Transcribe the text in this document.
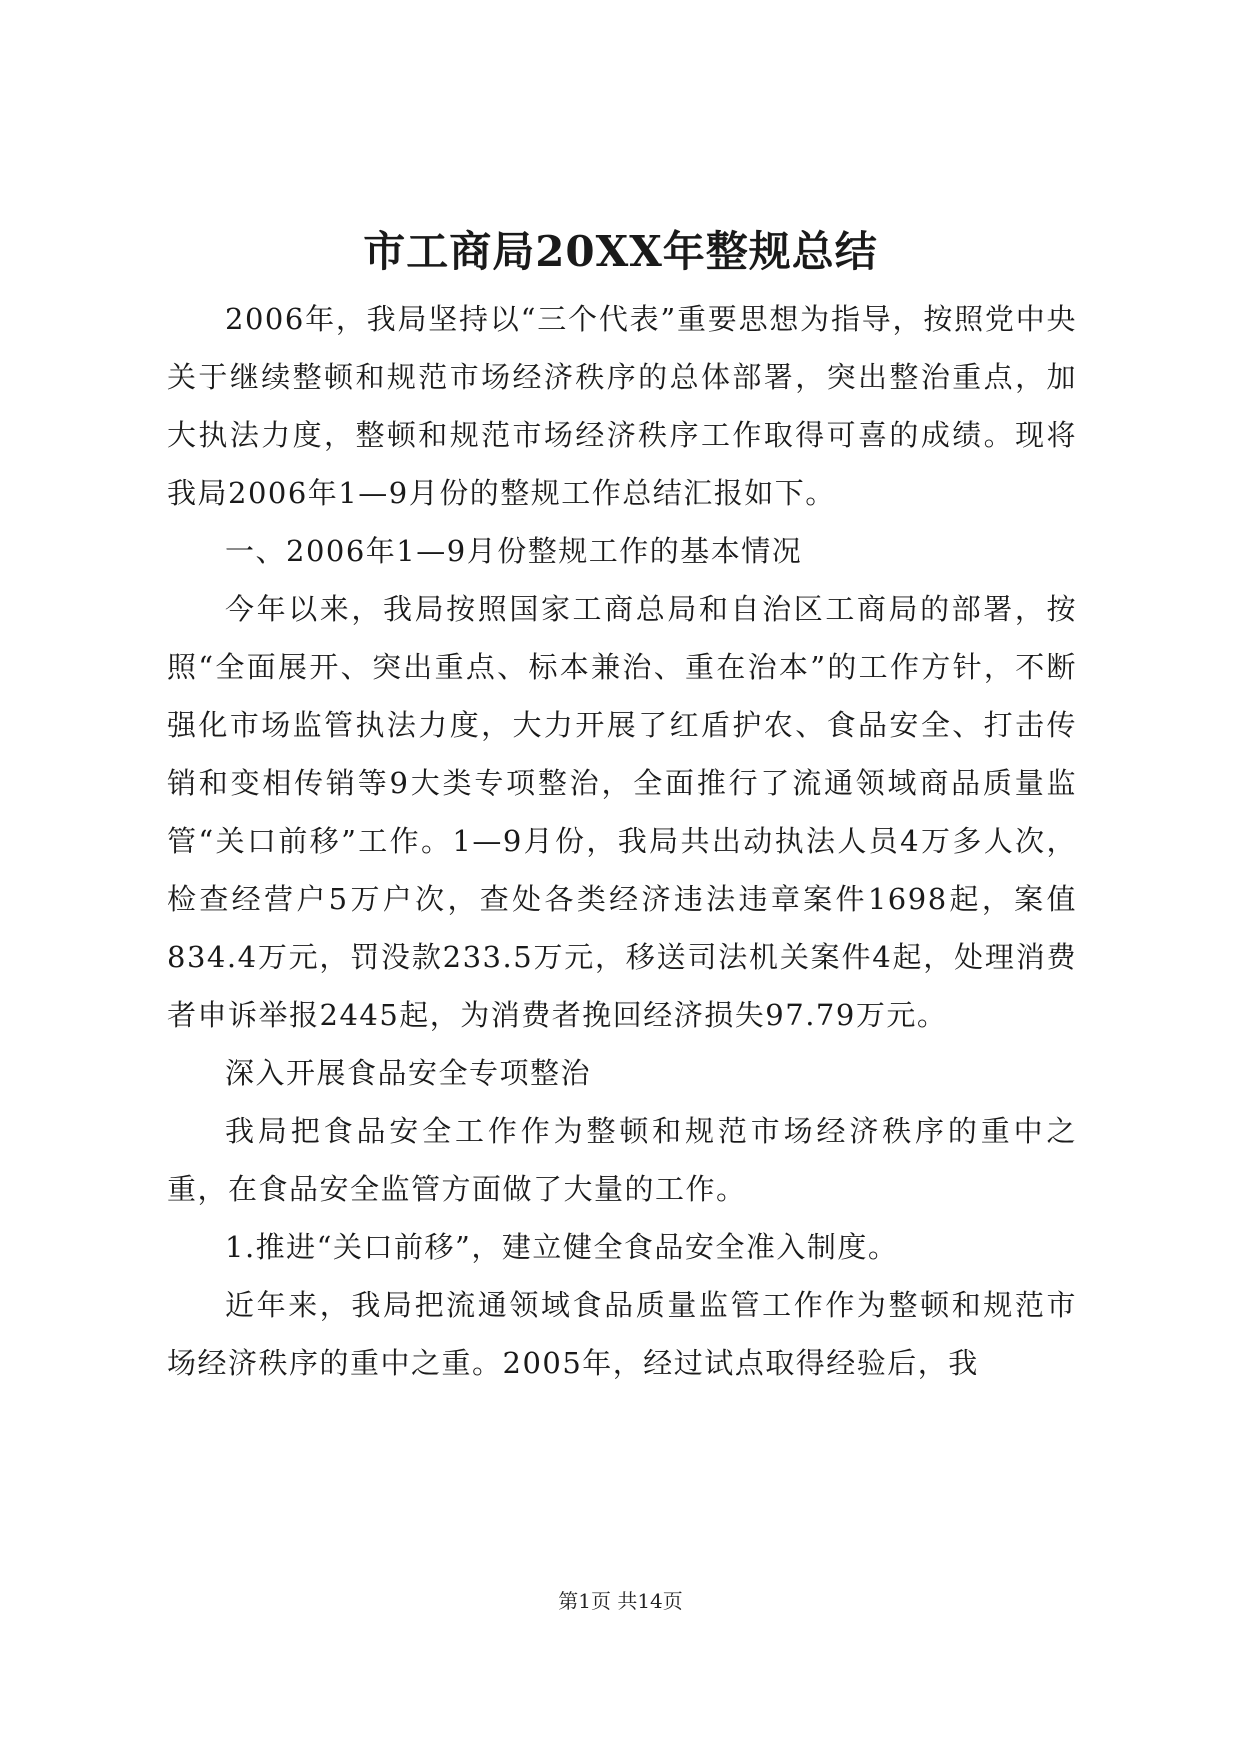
市工商局20XX年整规总结

2006年，我局坚持以“三个代表”重要思想为指导，按照党中央关于继续整顿和规范市场经济秩序的总体部署，突出整治重点，加大执法力度，整顿和规范市场经济秩序工作取得可喜的成绩。现将我局2006年1—9月份的整规工作总结汇报如下。

一、2006年1—9月份整规工作的基本情况

今年以来，我局按照国家工商总局和自治区工商局的部署，按照“全面展开、突出重点、标本兼治、重在治本”的工作方针，不断强化市场监管执法力度，大力开展了红盾护农、食品安全、打击传销和变相传销等9大类专项整治，全面推行了流通领域商品质量监管“关口前移”工作。1—9月份，我局共出动执法人员4万多人次，检查经营户5万户次，查处各类经济违法违章案件1698起，案值834.4万元，罚没款233.5万元，移送司法机关案件4起，处理消费者申诉举报2445起，为消费者挽回经济损失97.79万元。

深入开展食品安全专项整治

我局把食品安全工作作为整顿和规范市场经济秩序的重中之重，在食品安全监管方面做了大量的工作。

1.推进“关口前移”，建立健全食品安全准入制度。

近年来，我局把流通领域食品质量监管工作作为整顿和规范市场经济秩序的重中之重。2005年，经过试点取得经验后，我

第1页 共14页
